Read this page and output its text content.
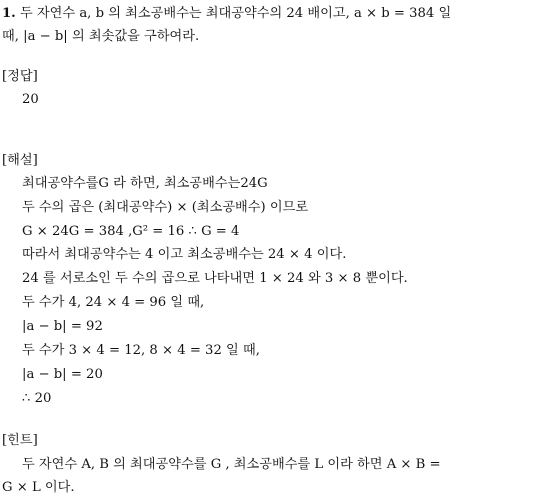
1. 두 자연수 a, b 의 최소공배수는 최대공약수의 24 배이고, a × b = 384 일
때, |a − b| 의 최솟값을 구하여라.
[정답]
20
[해설]
최대공약수를G 라 하면, 최소공배수는24G
두 수의 곱은 (최대공약수) × (최소공배수) 이므로
G × 24G = 384 ,G² = 16 ∴ G = 4
따라서 최대공약수는 4 이고 최소공배수는 24 × 4 이다.
24 를 서로소인 두 수의 곱으로 나타내면 1 × 24 와 3 × 8 뿐이다.
두 수가 4, 24 × 4 = 96 일 때,
|a − b| = 92
두 수가 3 × 4 = 12, 8 × 4 = 32 일 때,
|a − b| = 20
∴ 20
[힌트]
두 자연수 A, B 의 최대공약수를 G , 최소공배수를 L 이라 하면 A × B =
G × L 이다.
